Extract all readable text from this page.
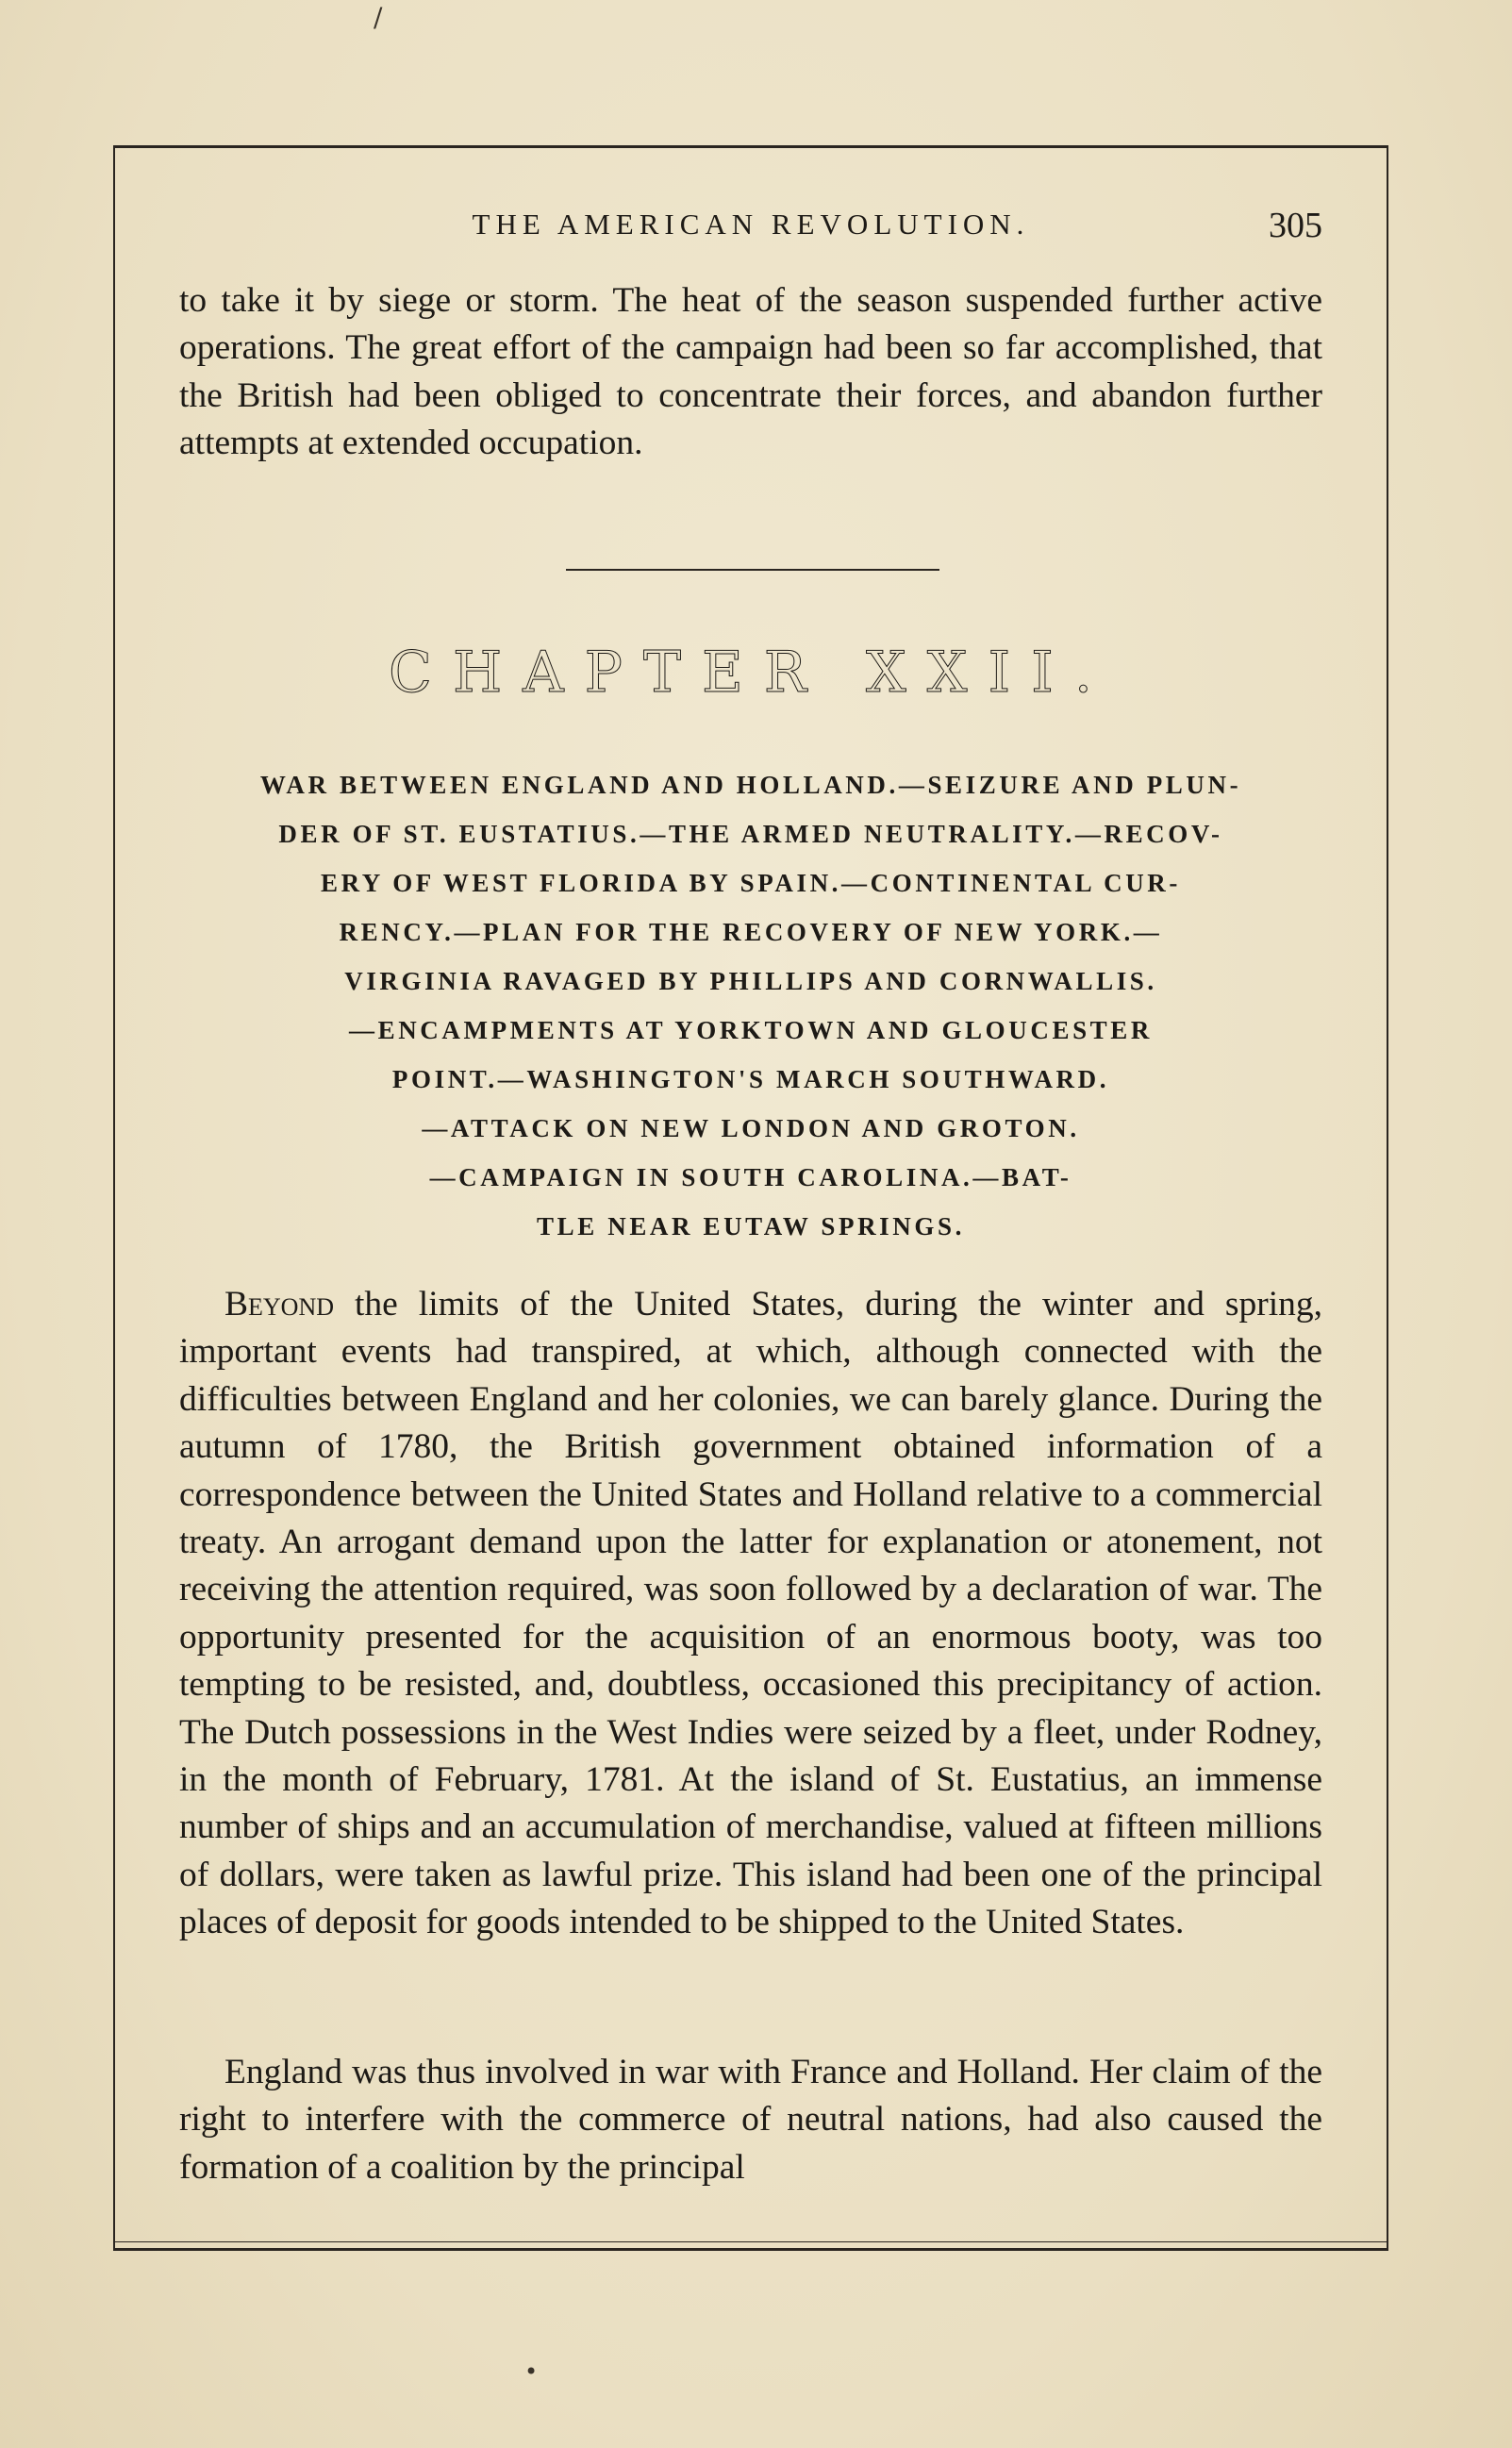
/
THE AMERICAN REVOLUTION.	305

to take it by siege or storm. The heat of the season suspended further active operations. The great effort of the campaign had been so far accomplished, that the British had been obliged to concentrate their forces, and abandon further attempts at extended occupation.

CHAPTER XXII.

WAR BETWEEN ENGLAND AND HOLLAND.—SEIZURE AND PLUN-
DER OF ST. EUSTATIUS.—THE ARMED NEUTRALITY.—RECOV-
ERY OF WEST FLORIDA BY SPAIN.—CONTINENTAL CUR-
RENCY.—PLAN FOR THE RECOVERY OF NEW YORK.—
VIRGINIA RAVAGED BY PHILLIPS AND CORNWALLIS.
—ENCAMPMENTS AT YORKTOWN AND GLOUCESTER
POINT.—WASHINGTON'S MARCH SOUTHWARD.
—ATTACK ON NEW LONDON AND GROTON.
—CAMPAIGN IN SOUTH CAROLINA.—BAT-
TLE NEAR EUTAW SPRINGS.

Beyond the limits of the United States, during the winter and spring, important events had transpired, at which, although connected with the difficulties between England and her colonies, we can barely glance. During the autumn of 1780, the British government obtained information of a correspondence between the United States and Holland relative to a commercial treaty. An arrogant demand upon the latter for explanation or atonement, not receiving the attention required, was soon followed by a declaration of war. The opportunity presented for the acquisition of an enormous booty, was too tempting to be resisted, and, doubtless, occasioned this precipitancy of action. The Dutch possessions in the West Indies were seized by a fleet, under Rodney, in the month of February, 1781. At the island of St. Eustatius, an immense number of ships and an accumulation of merchandise, valued at fifteen millions of dollars, were taken as lawful prize. This island had been one of the principal places of deposit for goods intended to be shipped to the United States.

England was thus involved in war with France and Holland. Her claim of the right to interfere with the commerce of neutral nations, had also caused the formation of a coalition by the principal

•
